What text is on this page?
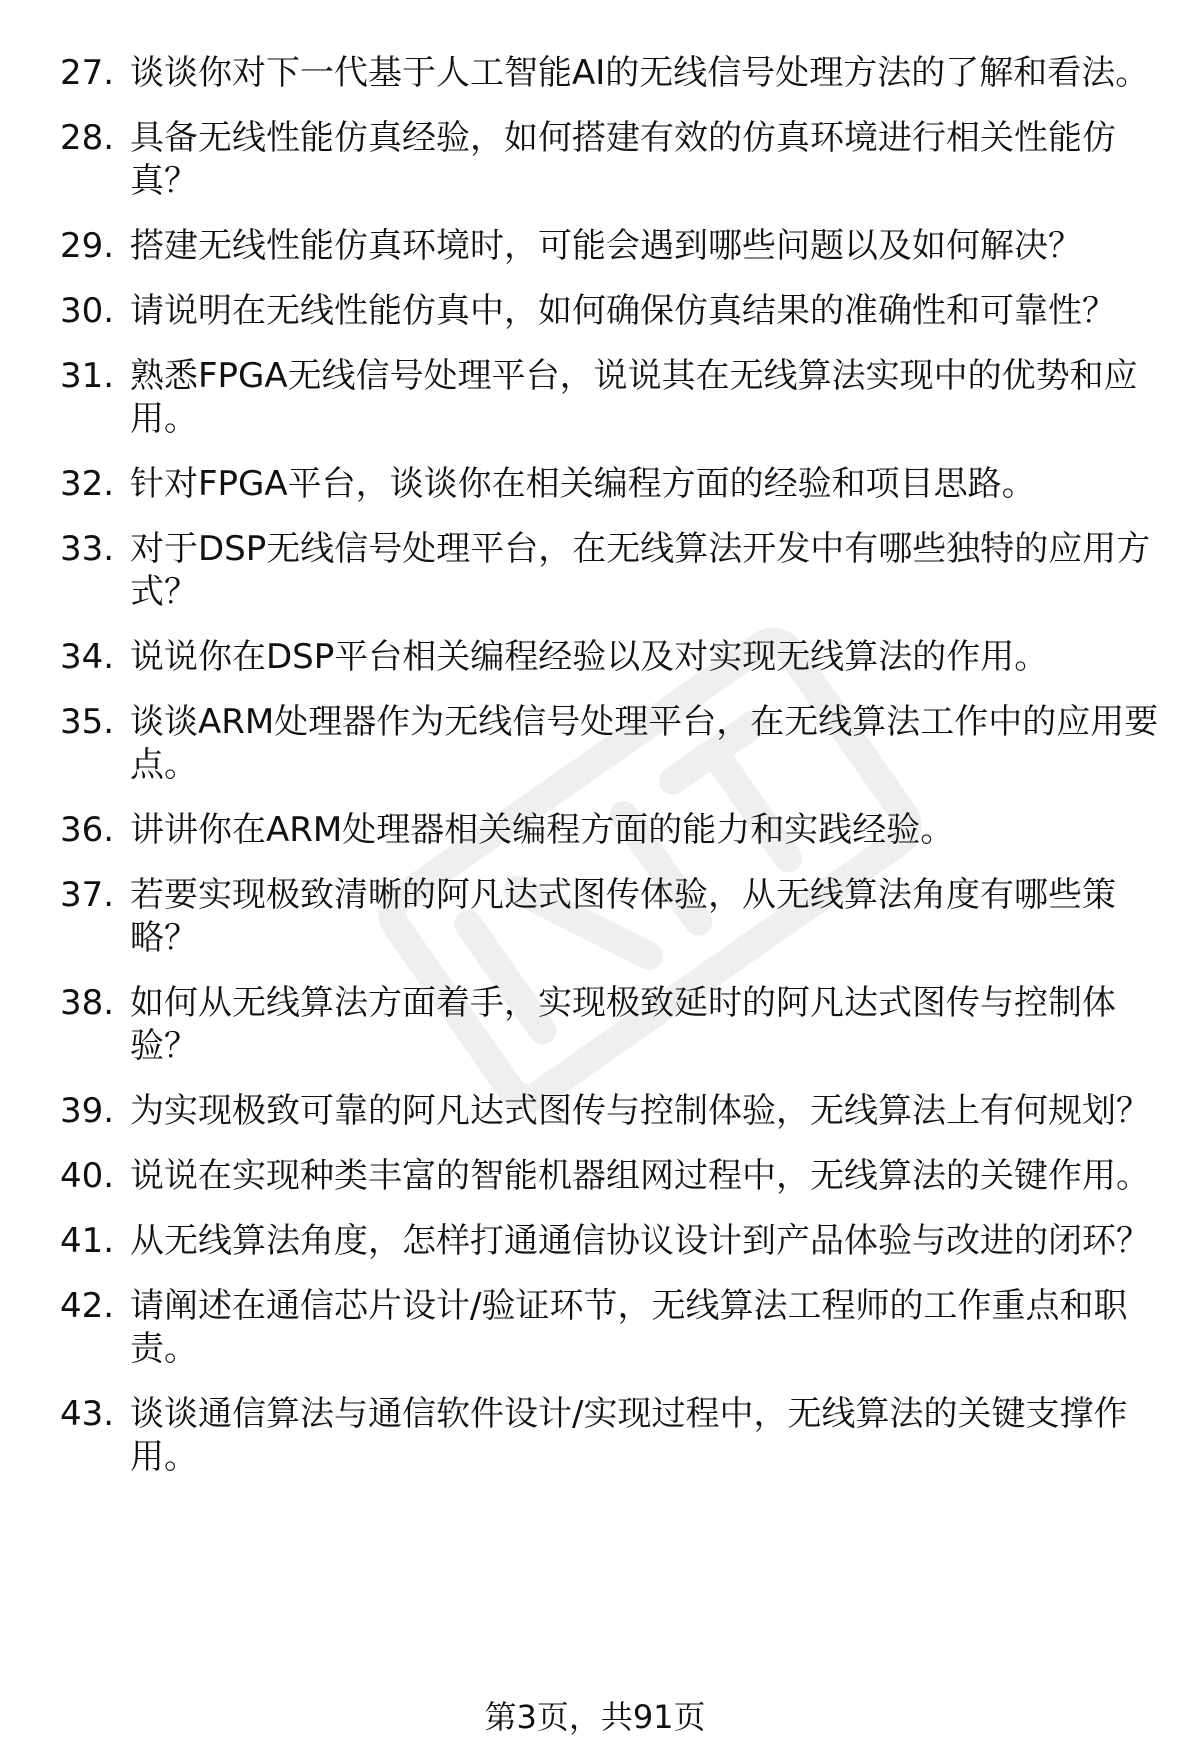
27. 谈谈你对下一代基于人工智能AI的无线信号处理方法的了解和看法。
28. 具备无线性能仿真经验，如何搭建有效的仿真环境进行相关性能仿真？
29. 搭建无线性能仿真环境时，可能会遇到哪些问题以及如何解决？
30. 请说明在无线性能仿真中，如何确保仿真结果的准确性和可靠性？
31. 熟悉FPGA无线信号处理平台，说说其在无线算法实现中的优势和应用。
32. 针对FPGA平台，谈谈你在相关编程方面的经验和项目思路。
33. 对于DSP无线信号处理平台，在无线算法开发中有哪些独特的应用方式？
34. 说说你在DSP平台相关编程经验以及对实现无线算法的作用。
35. 谈谈ARM处理器作为无线信号处理平台，在无线算法工作中的应用要点。
36. 讲讲你在ARM处理器相关编程方面的能力和实践经验。
37. 若要实现极致清晰的阿凡达式图传体验，从无线算法角度有哪些策略？
38. 如何从无线算法方面着手，实现极致延时的阿凡达式图传与控制体验？
39. 为实现极致可靠的阿凡达式图传与控制体验，无线算法上有何规划？
40. 说说在实现种类丰富的智能机器组网过程中，无线算法的关键作用。
41. 从无线算法角度，怎样打通通信协议设计到产品体验与改进的闭环？
42. 请阐述在通信芯片设计/验证环节，无线算法工程师的工作重点和职责。
43. 谈谈通信算法与通信软件设计/实现过程中，无线算法的关键支撑作用。
第3页，共91页
